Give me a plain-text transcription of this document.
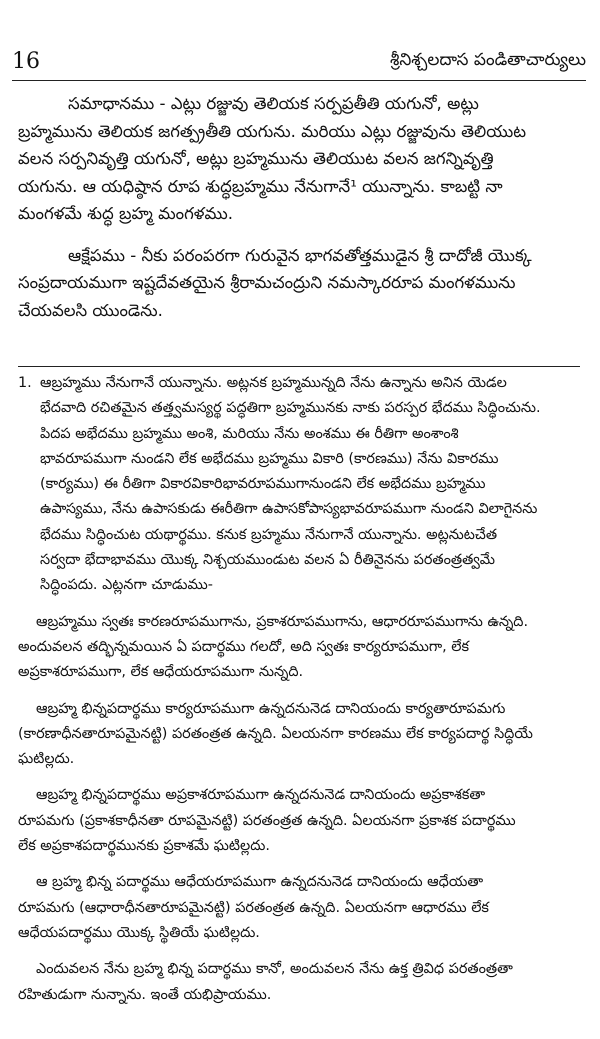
16	శ్రీనిశ్చలదాస పండితాచార్యులు

సమాధానము - ఎట్లు రజ్జువు తెలియక సర్పప్రతీతి యగునో, అట్లు
బ్రహ్మమును తెలియక జగత్ప్రతీతి యగును. మరియు ఎట్లు రజ్జువును తెలియుట
వలన సర్పనివృత్తి యగునో, అట్లు బ్రహ్మమును తెలియుట వలన జగన్నివృత్తి
యగును. ఆ యధిష్ఠాన రూప శుద్ధబ్రహ్మము నేనుగానే¹ యున్నాను. కాబట్టి నా
మంగళమే శుద్ధ బ్రహ్మ మంగళము.

ఆక్షేపము - నీకు పరంపరగా గురువైన భాగవతోత్తముడైన శ్రీ దాదోజీ యొక్క
సంప్రదాయముగా ఇష్టదేవతయైన శ్రీరామచంద్రుని నమస్కారరూప మంగళమును
చేయవలసి యుండెను.

1. ఆబ్రహ్మము నేనుగానే యున్నాను. అట్లనక బ్రహ్మమున్నది నేను ఉన్నాను అనిన యెడల
భేదవాది రచితమైన తత్త్వమస్యర్థ పద్ధతిగా బ్రహ్మమునకు నాకు పరస్పర భేదము సిద్ధించును.
పిదప అభేదము బ్రహ్మము అంశి, మరియు నేను అంశము ఈ రీతిగా అంశాంశి
భావరూపముగా నుండని లేక అభేదము బ్రహ్మము వికారి (కారణము) నేను వికారము
(కార్యము) ఈ రీతిగా వికారవికారిభావరూపముగానుండని లేక అభేదము బ్రహ్మము
ఉపాస్యము, నేను ఉపాసకుడు ఈరీతిగా ఉపాసకోపాస్యభావరూపముగా నుండని విలాగైనను
భేదము సిద్ధించుట యథార్థము. కనుక బ్రహ్మము నేనుగానే యున్నాను. అట్లనుటచేత
సర్వదా భేదాభావము యొక్క నిశ్చయముండుట వలన ఏ రీతినైనను పరతంత్రత్వమే
సిద్ధింపదు. ఎట్లనగా చూడుము-

ఆబ్రహ్మము స్వతః కారణరూపముగాను, ప్రకాశరూపముగాను, ఆధారరూపముగాను ఉన్నది.
అందువలన తద్భిన్నమయిన ఏ పదార్థము గలదో, అది స్వతః కార్యరూపముగా, లేక
అప్రకాశరూపముగా, లేక ఆధేయరూపముగా నున్నది.

ఆబ్రహ్మ భిన్నపదార్థము కార్యరూపముగా ఉన్నదనునెడ దానియందు కార్యతారూపమగు
(కారణాధీనతారూపమైనట్టి) పరతంత్రత ఉన్నది. ఏలయనగా కారణము లేక కార్యపదార్థ సిద్ధియే
ఘటిల్లదు.

ఆబ్రహ్మ భిన్నపదార్థము అప్రకాశరూపముగా ఉన్నదనునెడ దానియందు అప్రకాశకతా
రూపమగు (ప్రకాశకాధీనతా రూపమైనట్టి) పరతంత్రత ఉన్నది. ఏలయనగా ప్రకాశక పదార్థము
లేక అప్రకాశపదార్థమునకు ప్రకాశమే ఘటిల్లదు.

ఆ బ్రహ్మ భిన్న పదార్థము ఆధేయరూపముగా ఉన్నదనునెడ దానియందు ఆధేయతా
రూపమగు (ఆధారాధీనతారూపమైనట్టి) పరతంత్రత ఉన్నది. ఏలయనగా ఆధారము లేక
ఆధేయపదార్థము యొక్క స్థితియే ఘటిల్లదు.

ఎందువలన నేను బ్రహ్మ భిన్న పదార్థము కానో, అందువలన నేను ఉక్త త్రివిధ పరతంత్రతా
రహితుడుగా నున్నాను. ఇంతే యభిప్రాయము.
